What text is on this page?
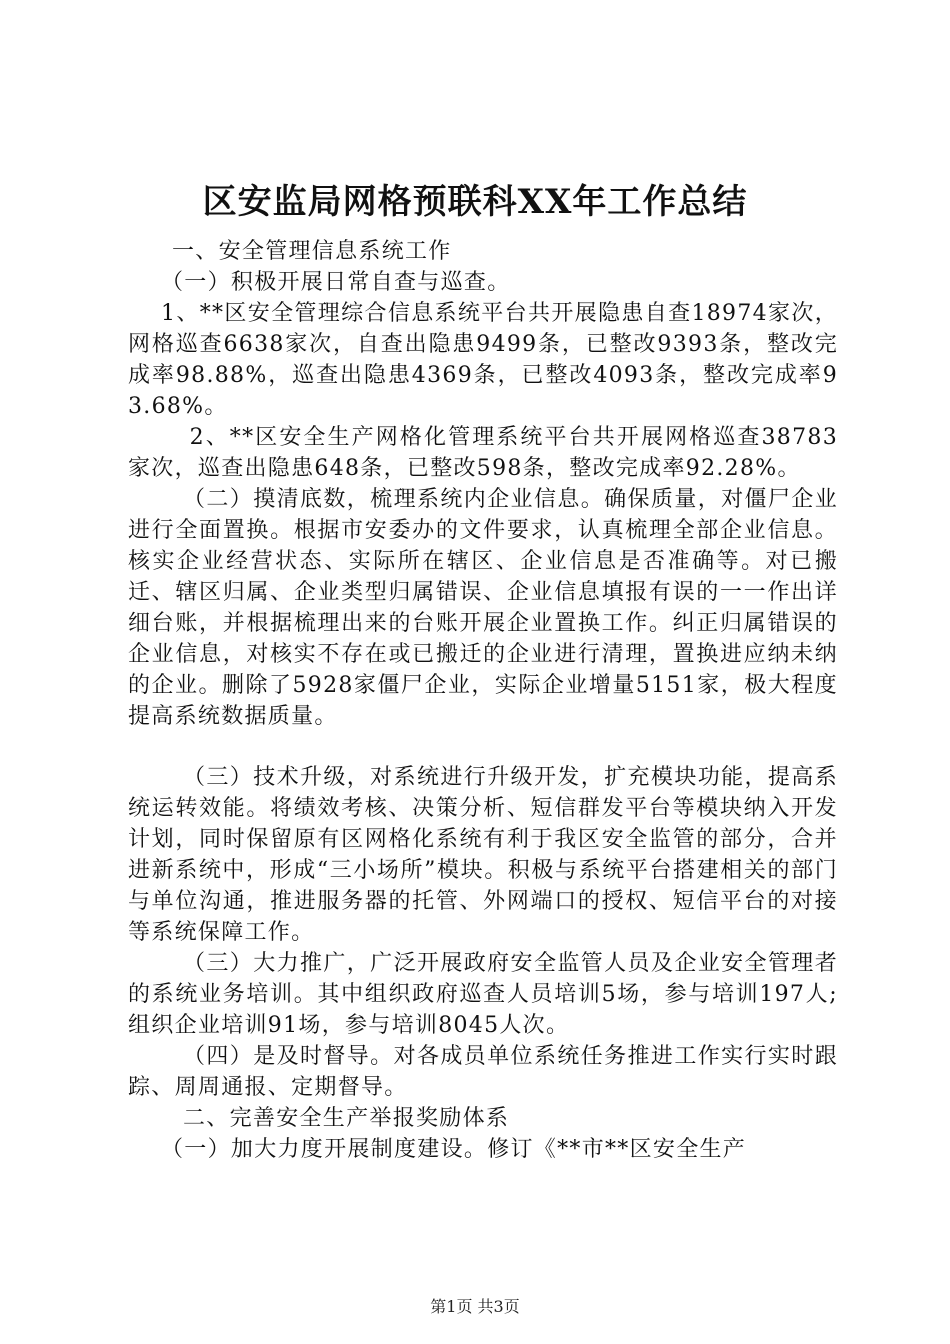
区安监局网格预联科XX年工作总结

一、安全管理信息系统工作

（一）积极开展日常自查与巡查。

1、**区安全管理综合信息系统平台共开展隐患自查18974家次，网格巡查6638家次，自查出隐患9499条，已整改9393条，整改完成率98.88%，巡查出隐患4369条，已整改4093条，整改完成率93.68%。

2、**区安全生产网格化管理系统平台共开展网格巡查38783家次，巡查出隐患648条，已整改598条，整改完成率92.28%。

（二）摸清底数，梳理系统内企业信息。确保质量，对僵尸企业进行全面置换。根据市安委办的文件要求，认真梳理全部企业信息。核实企业经营状态、实际所在辖区、企业信息是否准确等。对已搬迁、辖区归属、企业类型归属错误、企业信息填报有误的一一作出详细台账，并根据梳理出来的台账开展企业置换工作。纠正归属错误的企业信息，对核实不存在或已搬迁的企业进行清理，置换进应纳未纳的企业。删除了5928家僵尸企业，实际企业增量5151家，极大程度提高系统数据质量。

（三）技术升级，对系统进行升级开发，扩充模块功能，提高系统运转效能。将绩效考核、决策分析、短信群发平台等模块纳入开发计划，同时保留原有区网格化系统有利于我区安全监管的部分，合并进新系统中，形成“三小场所”模块。积极与系统平台搭建相关的部门与单位沟通，推进服务器的托管、外网端口的授权、短信平台的对接等系统保障工作。

（三）大力推广，广泛开展政府安全监管人员及企业安全管理者的系统业务培训。其中组织政府巡查人员培训5场，参与培训197人;组织企业培训91场，参与培训8045人次。

（四）是及时督导。对各成员单位系统任务推进工作实行实时跟踪、周周通报、定期督导。

二、完善安全生产举报奖励体系

（一）加大力度开展制度建设。修订《**市**区安全生产

第1页 共3页
